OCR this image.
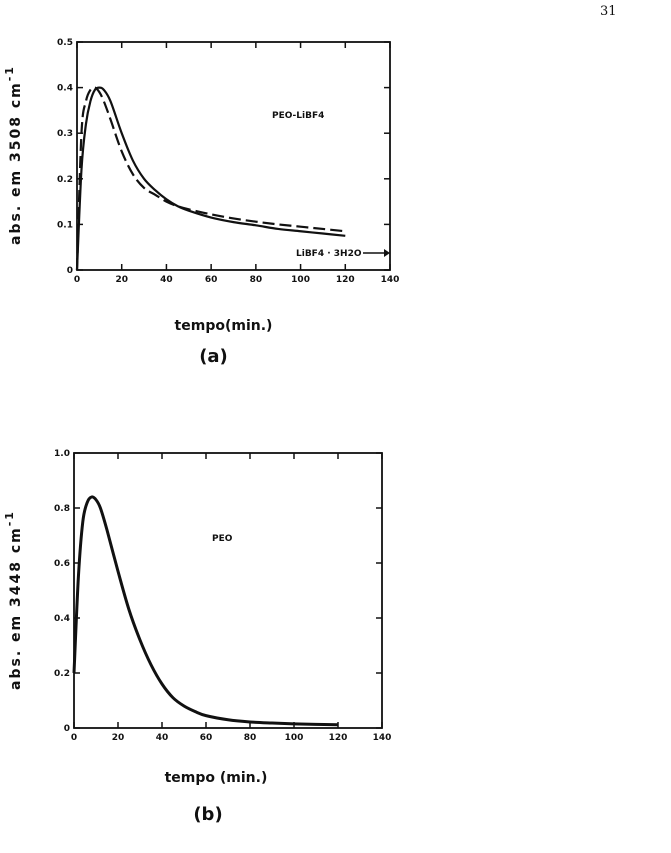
31
0	20	40	60	80	100	120	140
0
0.1
0.2
0.3
0.4
0.5
PEO-LiBF4
LiBF4 · 3H2O
tempo(min.)
abs. em 3508 $cm^{-1}$
(a)
0	20	40	60	80	100	120	140
0
0.2
0.4
0.6
0.8
1.0
PEO
tempo (min.)
abs. em 3448 $cm^{-1}$
(b)
